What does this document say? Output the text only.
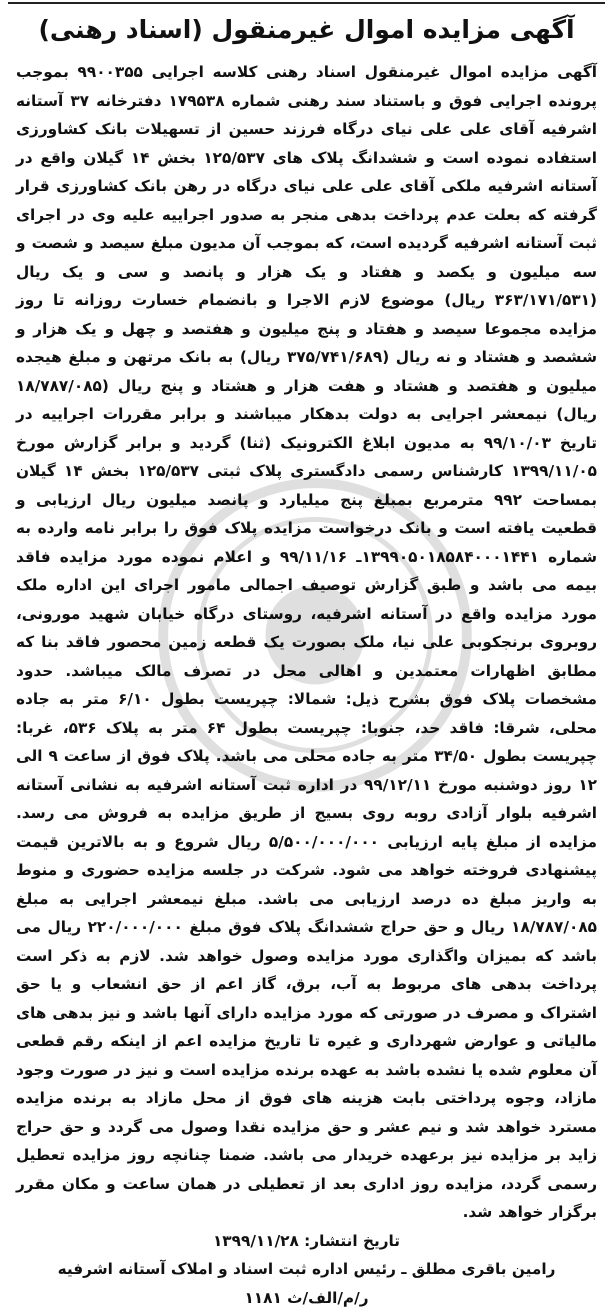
آگهی مزایده اموال غیرمنقول (اسناد رهنی)

آگهی مزایده اموال غیرمنقول اسناد رهنی کلاسه اجرایی ۹۹۰۰۳۵۵ بموجب پرونده اجرایی فوق و باستناد سند رهنی شماره ۱۷۹۵۳۸ دفترخانه ۳۷ آستانه اشرفیه آقای علی علی نیای درگاه فرزند حسین از تسهیلات بانک کشاورزی استفاده نموده است و ششدانگ پلاک های ۱۲۵/۵۳۷ بخش ۱۴ گیلان واقع در آستانه اشرفیه ملکی آقای علی علی نیای درگاه در رهن بانک کشاورزی قرار گرفته که بعلت عدم پرداخت بدهی منجر به صدور اجراییه علیه وی در اجرای ثبت آستانه اشرفیه گردیده است، که بموجب آن مدیون مبلغ سیصد و شصت و سه میلیون و یکصد و هفتاد و یک هزار و پانصد و سی و یک ریال (۳۶۳/۱۷۱/۵۳۱ ریال) موضوع لازم الاجرا و بانضمام خسارت روزانه تا روز مزایده مجموعا سیصد و هفتاد و پنج میلیون و هفتصد و چهل و یک هزار و ششصد و هشتاد و نه ریال (۳۷۵/۷۴۱/۶۸۹ ریال) به بانک مرتهن و مبلغ هیجده میلیون و هفتصد و هشتاد و هفت هزار و هشتاد و پنج ریال (۱۸/۷۸۷/۰۸۵ ریال) نیمعشر اجرایی به دولت بدهکار میباشند و برابر مقررات اجراییه در تاریخ ۹۹/۱۰/۰۳ به مدیون ابلاغ الکترونیک (ثنا) گردید و برابر گزارش مورخ ۱۳۹۹/۱۱/۰۵ کارشناس رسمی دادگستری پلاک ثبتی ۱۲۵/۵۳۷ بخش ۱۴ گیلان بمساحت ۹۹۲ مترمربع بمبلغ پنج میلیارد و پانصد میلیون ریال ارزیابی و قطعیت یافته است و بانک درخواست مزایده پلاک فوق را برابر نامه وارده به شماره ۱۳۹۹۰۵۰۱۸۵۸۴۰۰۰۱۴۴۱ـ ۹۹/۱۱/۱۶ و اعلام نموده مورد مزایده فاقد بیمه می باشد و طبق گزارش توصیف اجمالی مامور اجرای این اداره ملک مورد مزایده واقع در آستانه اشرفیه، روستای درگاه خیابان شهید مورونی، روبروی برنجکوبی علی نیا، ملک بصورت یک قطعه زمین محصور فاقد بنا که مطابق اظهارات معتمدین و اهالی محل در تصرف مالک میباشد. حدود مشخصات پلاک فوق بشرح ذیل: شمالا: چپریست بطول ۶/۱۰ متر به جاده محلی، شرقا: فاقد حد، جنوبا: چپریست بطول ۶۴ متر به پلاک ۵۳۶، غربا: چپریست بطول ۳۴/۵۰ متر به جاده محلی می باشد. پلاک فوق از ساعت ۹ الی ۱۲ روز دوشنبه مورخ ۹۹/۱۲/۱۱ در اداره ثبت آستانه اشرفیه به نشانی آستانه اشرفیه بلوار آزادی روبه روی بسیج از طریق مزایده به فروش می رسد. مزایده از مبلغ پایه ارزیابی ۵/۵۰۰/۰۰۰/۰۰۰ ریال شروع و به بالاترین قیمت پیشنهادی فروخته خواهد می شود. شرکت در جلسه مزایده حضوری و منوط به واریز مبلغ ده درصد ارزیابی می باشد. مبلغ نیمعشر اجرایی به مبلغ ۱۸/۷۸۷/۰۸۵ ریال و حق حراج ششدانگ پلاک فوق مبلغ ۲۲۰/۰۰۰/۰۰۰ ریال می باشد که بمیزان واگذاری مورد مزایده وصول خواهد شد. لازم به ذکر است پرداخت بدهی های مربوط به آب، برق، گاز اعم از حق انشعاب و یا حق اشتراک و مصرف در صورتی که مورد مزایده دارای آنها باشد و نیز بدهی های مالیاتی و عوارض شهرداری و غیره تا تاریخ مزایده اعم از اینکه رقم قطعی آن معلوم شده یا نشده باشد به عهده برنده مزایده است و نیز در صورت وجود مازاد، وجوه پرداختی بابت هزینه های فوق از محل مازاد به برنده مزایده مسترد خواهد شد و نیم عشر و حق مزایده نقدا وصول می گردد و حق حراج زاید بر مزایده نیز برعهده خریدار می باشد. ضمنا چنانچه روز مزایده تعطیل رسمی گردد، مزایده روز اداری بعد از تعطیلی در همان ساعت و مکان مقرر برگزار خواهد شد.

تاریخ انتشار: ۱۳۹۹/۱۱/۲۸

رامین باقری مطلق ـ رئیس اداره ثبت اسناد و املاک آستانه اشرفیه

ر/م/الف/ث ۱۱۸۱
